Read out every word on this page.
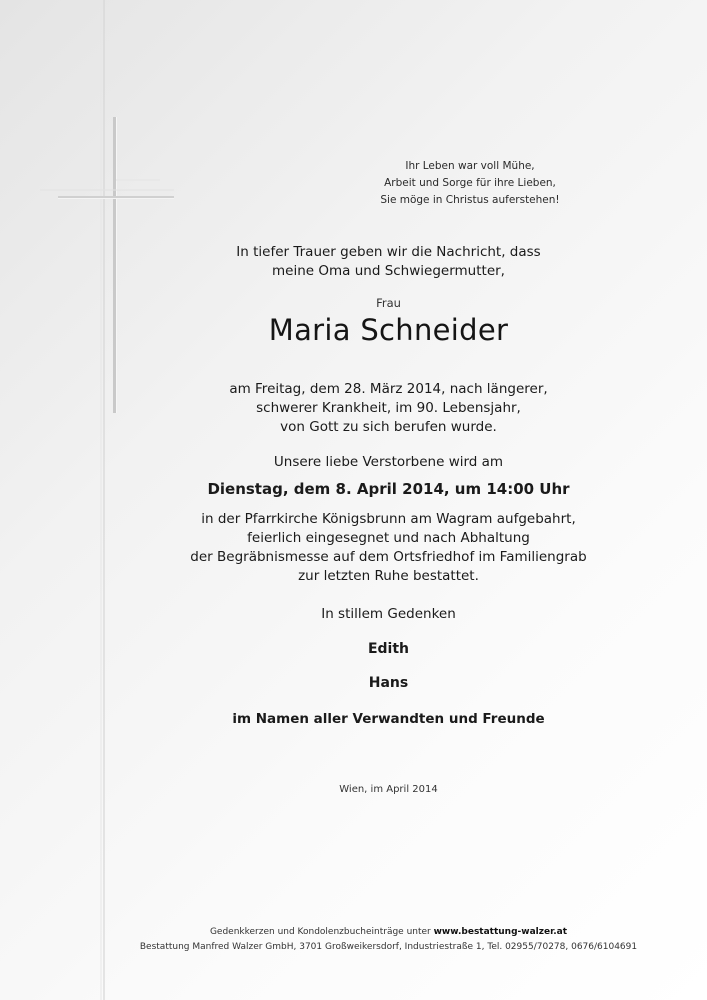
Ihr Leben war voll Mühe,
Arbeit und Sorge für ihre Lieben,
Sie möge in Christus auferstehen!
In tiefer Trauer geben wir die Nachricht, dass
meine Oma und Schwiegermutter,
Frau
Maria Schneider
am Freitag, dem 28. März 2014, nach längerer,
schwerer Krankheit, im 90. Lebensjahr,
von Gott zu sich berufen wurde.
Unsere liebe Verstorbene wird am
Dienstag, dem 8. April 2014, um 14:00 Uhr
in der Pfarrkirche Königsbrunn am Wagram aufgebahrt,
feierlich eingesegnet und nach Abhaltung
der Begräbnismesse auf dem Ortsfriedhof im Familiengrab
zur letzten Ruhe bestattet.
In stillem Gedenken
Edith
Hans
im Namen aller Verwandten und Freunde
Wien, im April 2014
Gedenkkerzen und Kondolenzbucheinträge unter www.bestattung-walzer.at
Bestattung Manfred Walzer GmbH, 3701 Großweikersdorf, Industriestraße 1, Tel. 02955/70278, 0676/6104691
